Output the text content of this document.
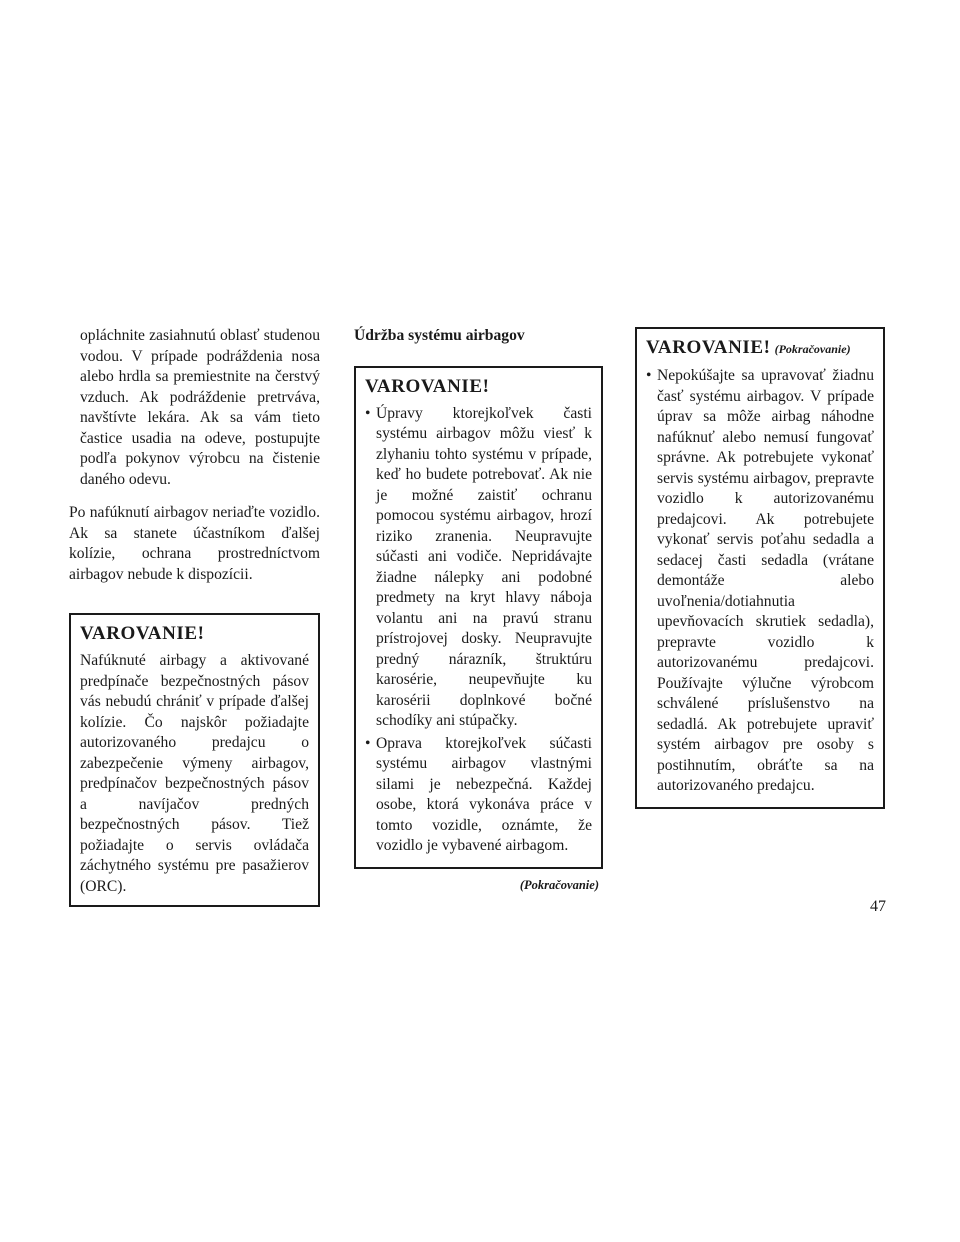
opláchnite zasiahnutú oblasť studenou vodou. V prípade podráždenia nosa alebo hrdla sa premiestnite na čerstvý vzduch. Ak podráždenie pretrváva, navštívte lekára. Ak sa vám tieto častice usadia na odeve, postupujte podľa pokynov výrobcu na čistenie daného odevu.

Po nafúknutí airbagov neriaďte vozidlo. Ak sa stanete účastníkom ďalšej kolízie, ochrana prostredníctvom airbagov nebude k dispozícii.

VAROVANIE!

Nafúknuté airbagy a aktivované predpínače bezpečnostných pásov vás nebudú chrániť v prípade ďalšej kolízie. Čo najskôr požiadajte autorizovaného predajcu o zabezpečenie výmeny airbagov, predpínačov bezpečnostných pásov a navíjačov predných bezpečnostných pásov. Tiež požiadajte o servis ovládača záchytného systému pre pasažierov (ORC).

Údržba systému airbagov
VAROVANIE!
• Úpravy ktorejkoľvek časti systému airbagov môžu viesť k zlyhaniu tohto systému v prípade, keď ho budete potrebovať. Ak nie je možné zaistiť ochranu pomocou systému airbagov, hrozí riziko zranenia. Neupravujte súčasti ani vodiče. Nepridávajte žiadne nálepky ani podobné predmety na kryt hlavy náboja volantu ani na pravú stranu prístrojovej dosky. Neupravujte predný nárazník, štruktúru karosérie, neupevňujte ku karosérii doplnkové bočné schodíky ani stúpačky.
• Oprava ktorejkoľvek súčasti systému airbagov vlastnými silami je nebezpečná. Každej osobe, ktorá vykonáva práce v tomto vozidle, oznámte, že vozidlo je vybavené airbagom.
(Pokračovanie)
VAROVANIE! (Pokračovanie)
• Nepokúšajte sa upravovať žiadnu časť systému airbagov. V prípade úprav sa môže airbag náhodne nafúknuť alebo nemusí fungovať správne. Ak potrebujete vykonať servis systému airbagov, prepravte vozidlo k autorizovanému predajcovi. Ak potrebujete vykonať servis poťahu sedadla a sedacej časti sedadla (vrátane demontáže alebo uvoľnenia/dotiahnutia upevňovacích skrutiek sedadla), prepravte vozidlo k autorizovanému predajcovi. Používajte výlučne výrobcom schválené príslušenstvo na sedadlá. Ak potrebujete upraviť systém airbagov pre osoby s postihnutím, obráťte sa na autorizovaného predajcu.
47
